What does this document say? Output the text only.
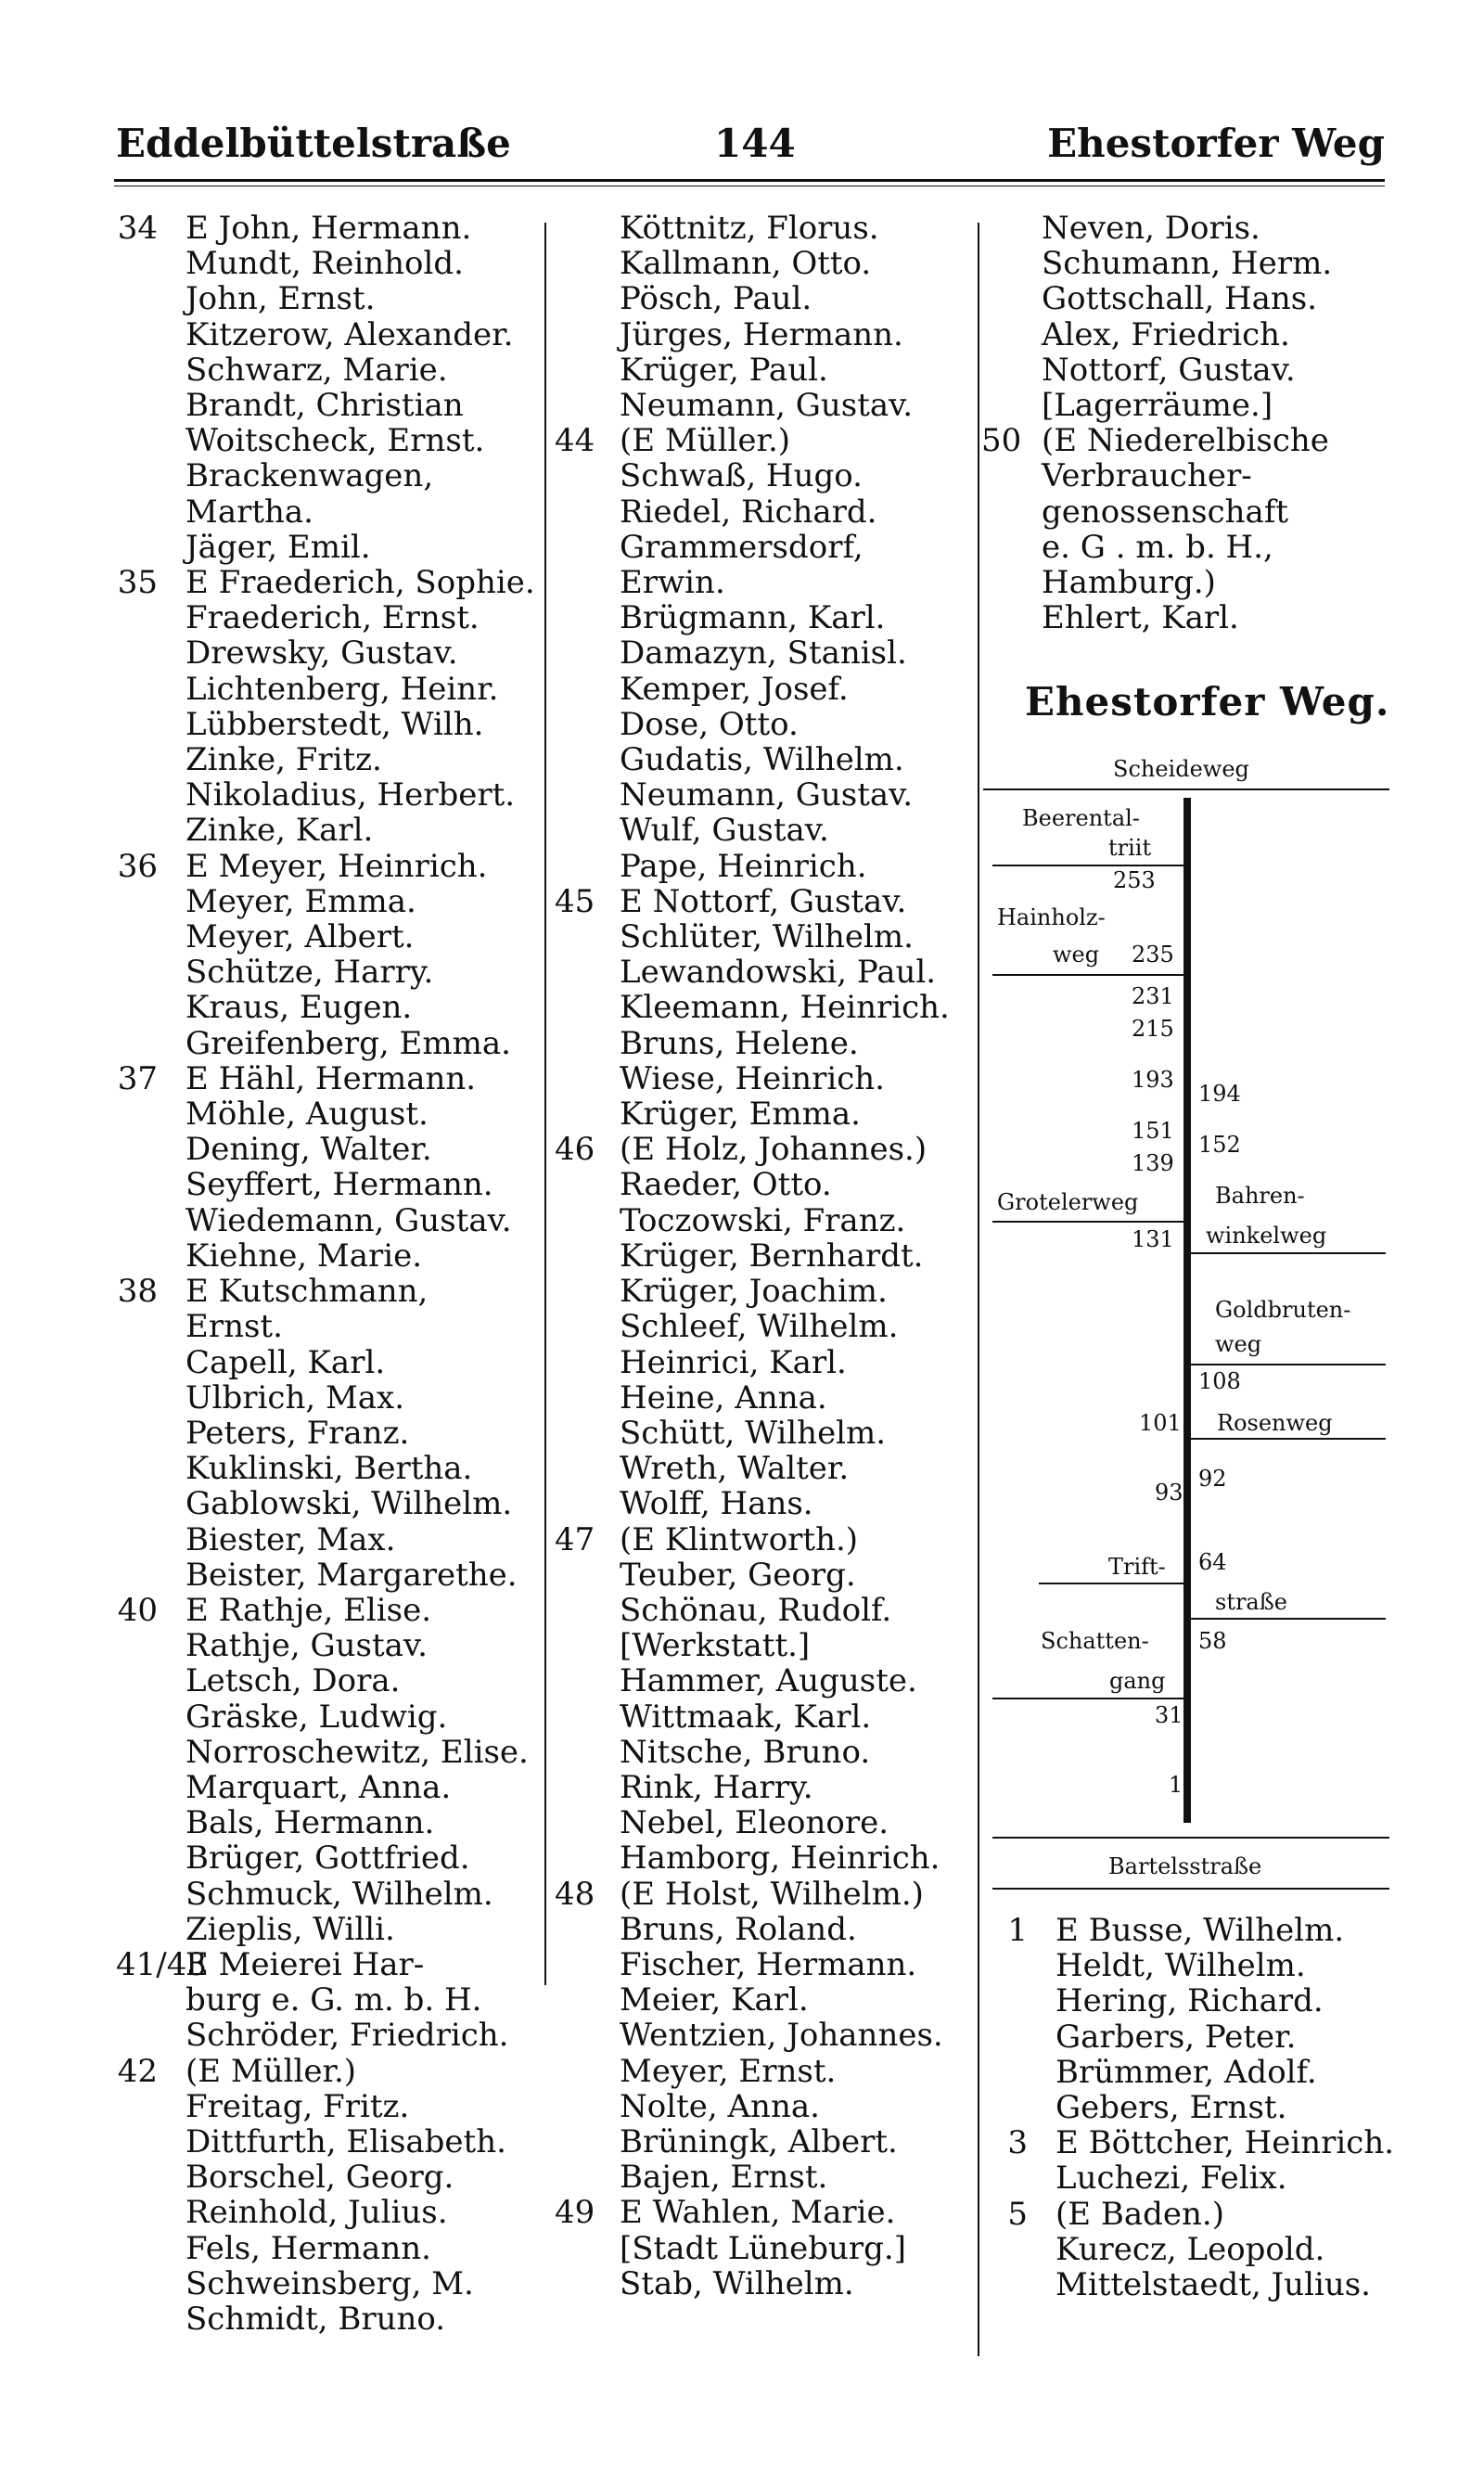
Eddelbüttelstraße	144	Ehestorfer Weg
34 E John, Hermann.
Mundt, Reinhold.
John, Ernst.
Kitzerow, Alexander.
Schwarz, Marie.
Brandt, Christian
Woitscheck, Ernst.
Brackenwagen,
Martha.
Jäger, Emil.
35 E Fraederich, Sophie.
Fraederich, Ernst.
Drewsky, Gustav.
Lichtenberg, Heinr.
Lübberstedt, Wilh.
Zinke, Fritz.
Nikoladius, Herbert.
Zinke, Karl.
36 E Meyer, Heinrich.
Meyer, Emma.
Meyer, Albert.
Schütze, Harry.
Kraus, Eugen.
Greifenberg, Emma.
37 E Hähl, Hermann.
Möhle, August.
Dening, Walter.
Seyffert, Hermann.
Wiedemann, Gustav.
Kiehne, Marie.
38 E Kutschmann,
Ernst.
Capell, Karl.
Ulbrich, Max.
Peters, Franz.
Kuklinski, Bertha.
Gablowski, Wilhelm.
Biester, Max.
Beister, Margarethe.
40 E Rathje, Elise.
Rathje, Gustav.
Letsch, Dora.
Gräske, Ludwig.
Norroschewitz, Elise.
Marquart, Anna.
Bals, Hermann.
Brüger, Gottfried.
Schmuck, Wilhelm.
Zieplis, Willi.
41/43
E Meierei Har-
burg e. G. m. b. H.
Schröder, Friedrich.
42 (E Müller.)
Freitag, Fritz.
Dittfurth, Elisabeth.
Borschel, Georg.
Reinhold, Julius.
Fels, Hermann.
Schweinsberg, M.
Schmidt, Bruno.
Köttnitz, Florus.
Kallmann, Otto.
Pösch, Paul.
Jürges, Hermann.
Krüger, Paul.
Neumann, Gustav.
44 (E Müller.)
Schwaß, Hugo.
Riedel, Richard.
Grammersdorf,
Erwin.
Brügmann, Karl.
Damazyn, Stanisl.
Kemper, Josef.
Dose, Otto.
Gudatis, Wilhelm.
Neumann, Gustav.
Wulf, Gustav.
Pape, Heinrich.
45 E Nottorf, Gustav.
Schlüter, Wilhelm.
Lewandowski, Paul.
Kleemann, Heinrich.
Bruns, Helene.
Wiese, Heinrich.
Krüger, Emma.
46 (E Holz, Johannes.)
Raeder, Otto.
Toczowski, Franz.
Krüger, Bernhardt.
Krüger, Joachim.
Schleef, Wilhelm.
Heinrici, Karl.
Heine, Anna.
Schütt, Wilhelm.
Wreth, Walter.
Wolff, Hans.
47 (E Klintworth.)
Teuber, Georg.
Schönau, Rudolf.
[Werkstatt.]
Hammer, Auguste.
Wittmaak, Karl.
Nitsche, Bruno.
Rink, Harry.
Nebel, Eleonore.
Hamborg, Heinrich.
48 (E Holst, Wilhelm.)
Bruns, Roland.
Fischer, Hermann.
Meier, Karl.
Wentzien, Johannes.
Meyer, Ernst.
Nolte, Anna.
Brüningk, Albert.
Bajen, Ernst.
49 E Wahlen, Marie.
[Stadt Lüneburg.]
Stab, Wilhelm.
Neven, Doris.
Schumann, Herm.
Gottschall, Hans.
Alex, Friedrich.
Nottorf, Gustav.
[Lagerräume.]
50 (E Niederelbische
Verbraucher-
genossenschaft
e. G . m. b. H.,
Hamburg.)
Ehlert, Karl.
Ehestorfer Weg.
Scheideweg
Beerental-
triit
253
Hainholz-
weg 235
231
215
193
194
151
152
139
Grotelerweg
131
Bahren-
winkelweg
Goldbruten-
weg
108
101 Rosenweg
92
93
Trift- 64
straße
Schatten- 58
gang
31
1
Bartelsstraße
1 E Busse, Wilhelm.
Heldt, Wilhelm.
Hering, Richard.
Garbers, Peter.
Brümmer, Adolf.
Gebers, Ernst.
3 E Böttcher, Heinrich.
Luchezi, Felix.
5 (E Baden.)
Kurecz, Leopold.
Mittelstaedt, Julius.
